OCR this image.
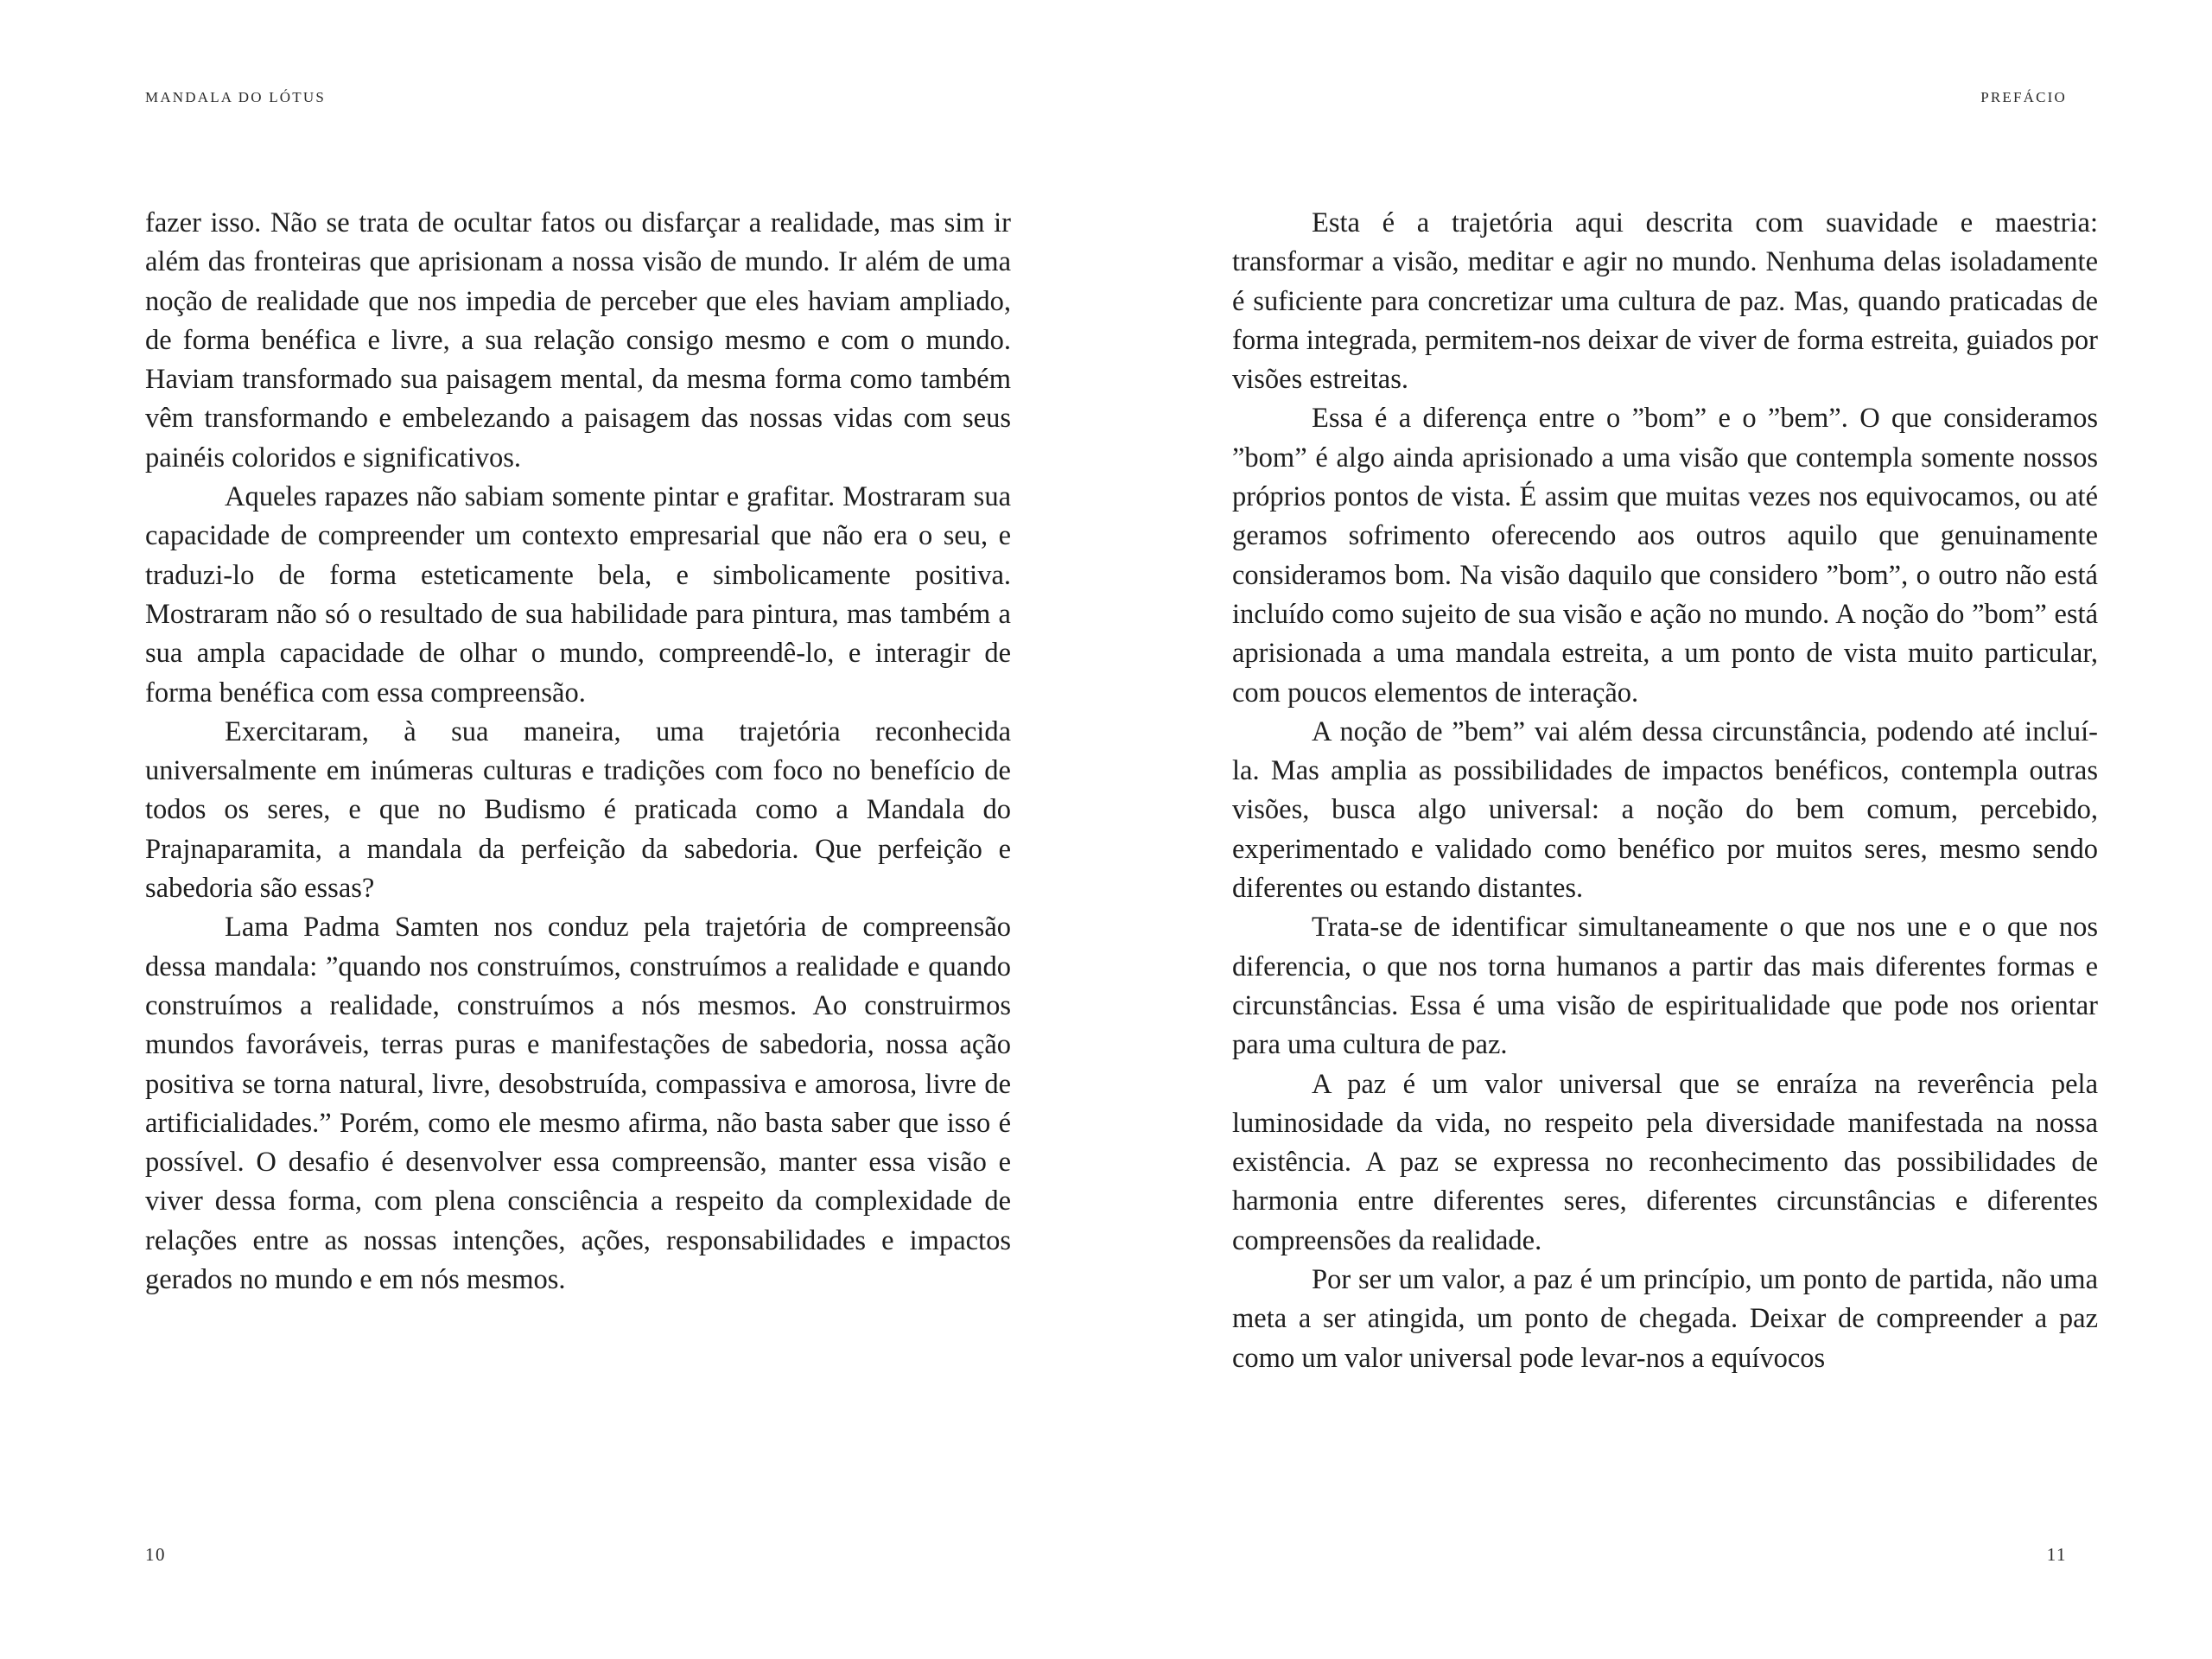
MANDALA DO LÓTUS

fazer isso. Não se trata de ocultar fatos ou disfarçar a realidade, mas sim ir além das fronteiras que aprisionam a nossa visão de mundo. Ir além de uma noção de realidade que nos impedia de perceber que eles haviam ampliado, de forma benéfica e livre, a sua relação consigo mesmo e com o mundo. Haviam transformado sua paisagem mental, da mesma forma como também vêm transformando e embelezando a paisagem das nossas vidas com seus painéis coloridos e significativos.

Aqueles rapazes não sabiam somente pintar e grafitar. Mostraram sua capacidade de compreender um contexto empresarial que não era o seu, e traduzi-lo de forma esteticamente bela, e simbolicamente positiva. Mostraram não só o resultado de sua habilidade para pintura, mas também a sua ampla capacidade de olhar o mundo, compreendê-lo, e interagir de forma benéfica com essa compreensão.

Exercitaram, à sua maneira, uma trajetória reconhecida universalmente em inúmeras culturas e tradições com foco no benefício de todos os seres, e que no Budismo é praticada como a Mandala do Prajnaparamita, a mandala da perfeição da sabedoria. Que perfeição e sabedoria são essas?

Lama Padma Samten nos conduz pela trajetória de compreensão dessa mandala: ”quando nos construímos, construímos a realidade e quando construímos a realidade, construímos a nós mesmos. Ao construirmos mundos favoráveis, terras puras e manifestações de sabedoria, nossa ação positiva se torna natural, livre, desobstruída, compassiva e amorosa, livre de artificialidades.” Porém, como ele mesmo afirma, não basta saber que isso é possível. O desafio é desenvolver essa compreensão, manter essa visão e viver dessa forma, com plena consciência a respeito da complexidade de relações entre as nossas intenções, ações, responsabilidades e impactos gerados no mundo e em nós mesmos.

10
PREFÁCIO

Esta é a trajetória aqui descrita com suavidade e maestria: transformar a visão, meditar e agir no mundo. Nenhuma delas isoladamente é suficiente para concretizar uma cultura de paz. Mas, quando praticadas de forma integrada, permitem-nos deixar de viver de forma estreita, guiados por visões estreitas.

Essa é a diferença entre o ”bom” e o ”bem”. O que consideramos ”bom” é algo ainda aprisionado a uma visão que contempla somente nossos próprios pontos de vista. É assim que muitas vezes nos equivocamos, ou até geramos sofrimento oferecendo aos outros aquilo que genuinamente consideramos bom. Na visão daquilo que considero ”bom”, o outro não está incluído como sujeito de sua visão e ação no mundo. A noção do ”bom” está aprisionada a uma mandala estreita, a um ponto de vista muito particular, com poucos elementos de interação.

A noção de ”bem” vai além dessa circunstância, podendo até incluí-la. Mas amplia as possibilidades de impactos benéficos, contempla outras visões, busca algo universal: a noção do bem comum, percebido, experimentado e validado como benéfico por muitos seres, mesmo sendo diferentes ou estando distantes.

Trata-se de identificar simultaneamente o que nos une e o que nos diferencia, o que nos torna humanos a partir das mais diferentes formas e circunstâncias. Essa é uma visão de espiritualidade que pode nos orientar para uma cultura de paz.

A paz é um valor universal que se enraíza na reverência pela luminosidade da vida, no respeito pela diversidade manifestada na nossa existência. A paz se expressa no reconhecimento das possibilidades de harmonia entre diferentes seres, diferentes circunstâncias e diferentes compreensões da realidade.

Por ser um valor, a paz é um princípio, um ponto de partida, não uma meta a ser atingida, um ponto de chegada. Deixar de compreender a paz como um valor universal pode levar-nos a equívocos

11
